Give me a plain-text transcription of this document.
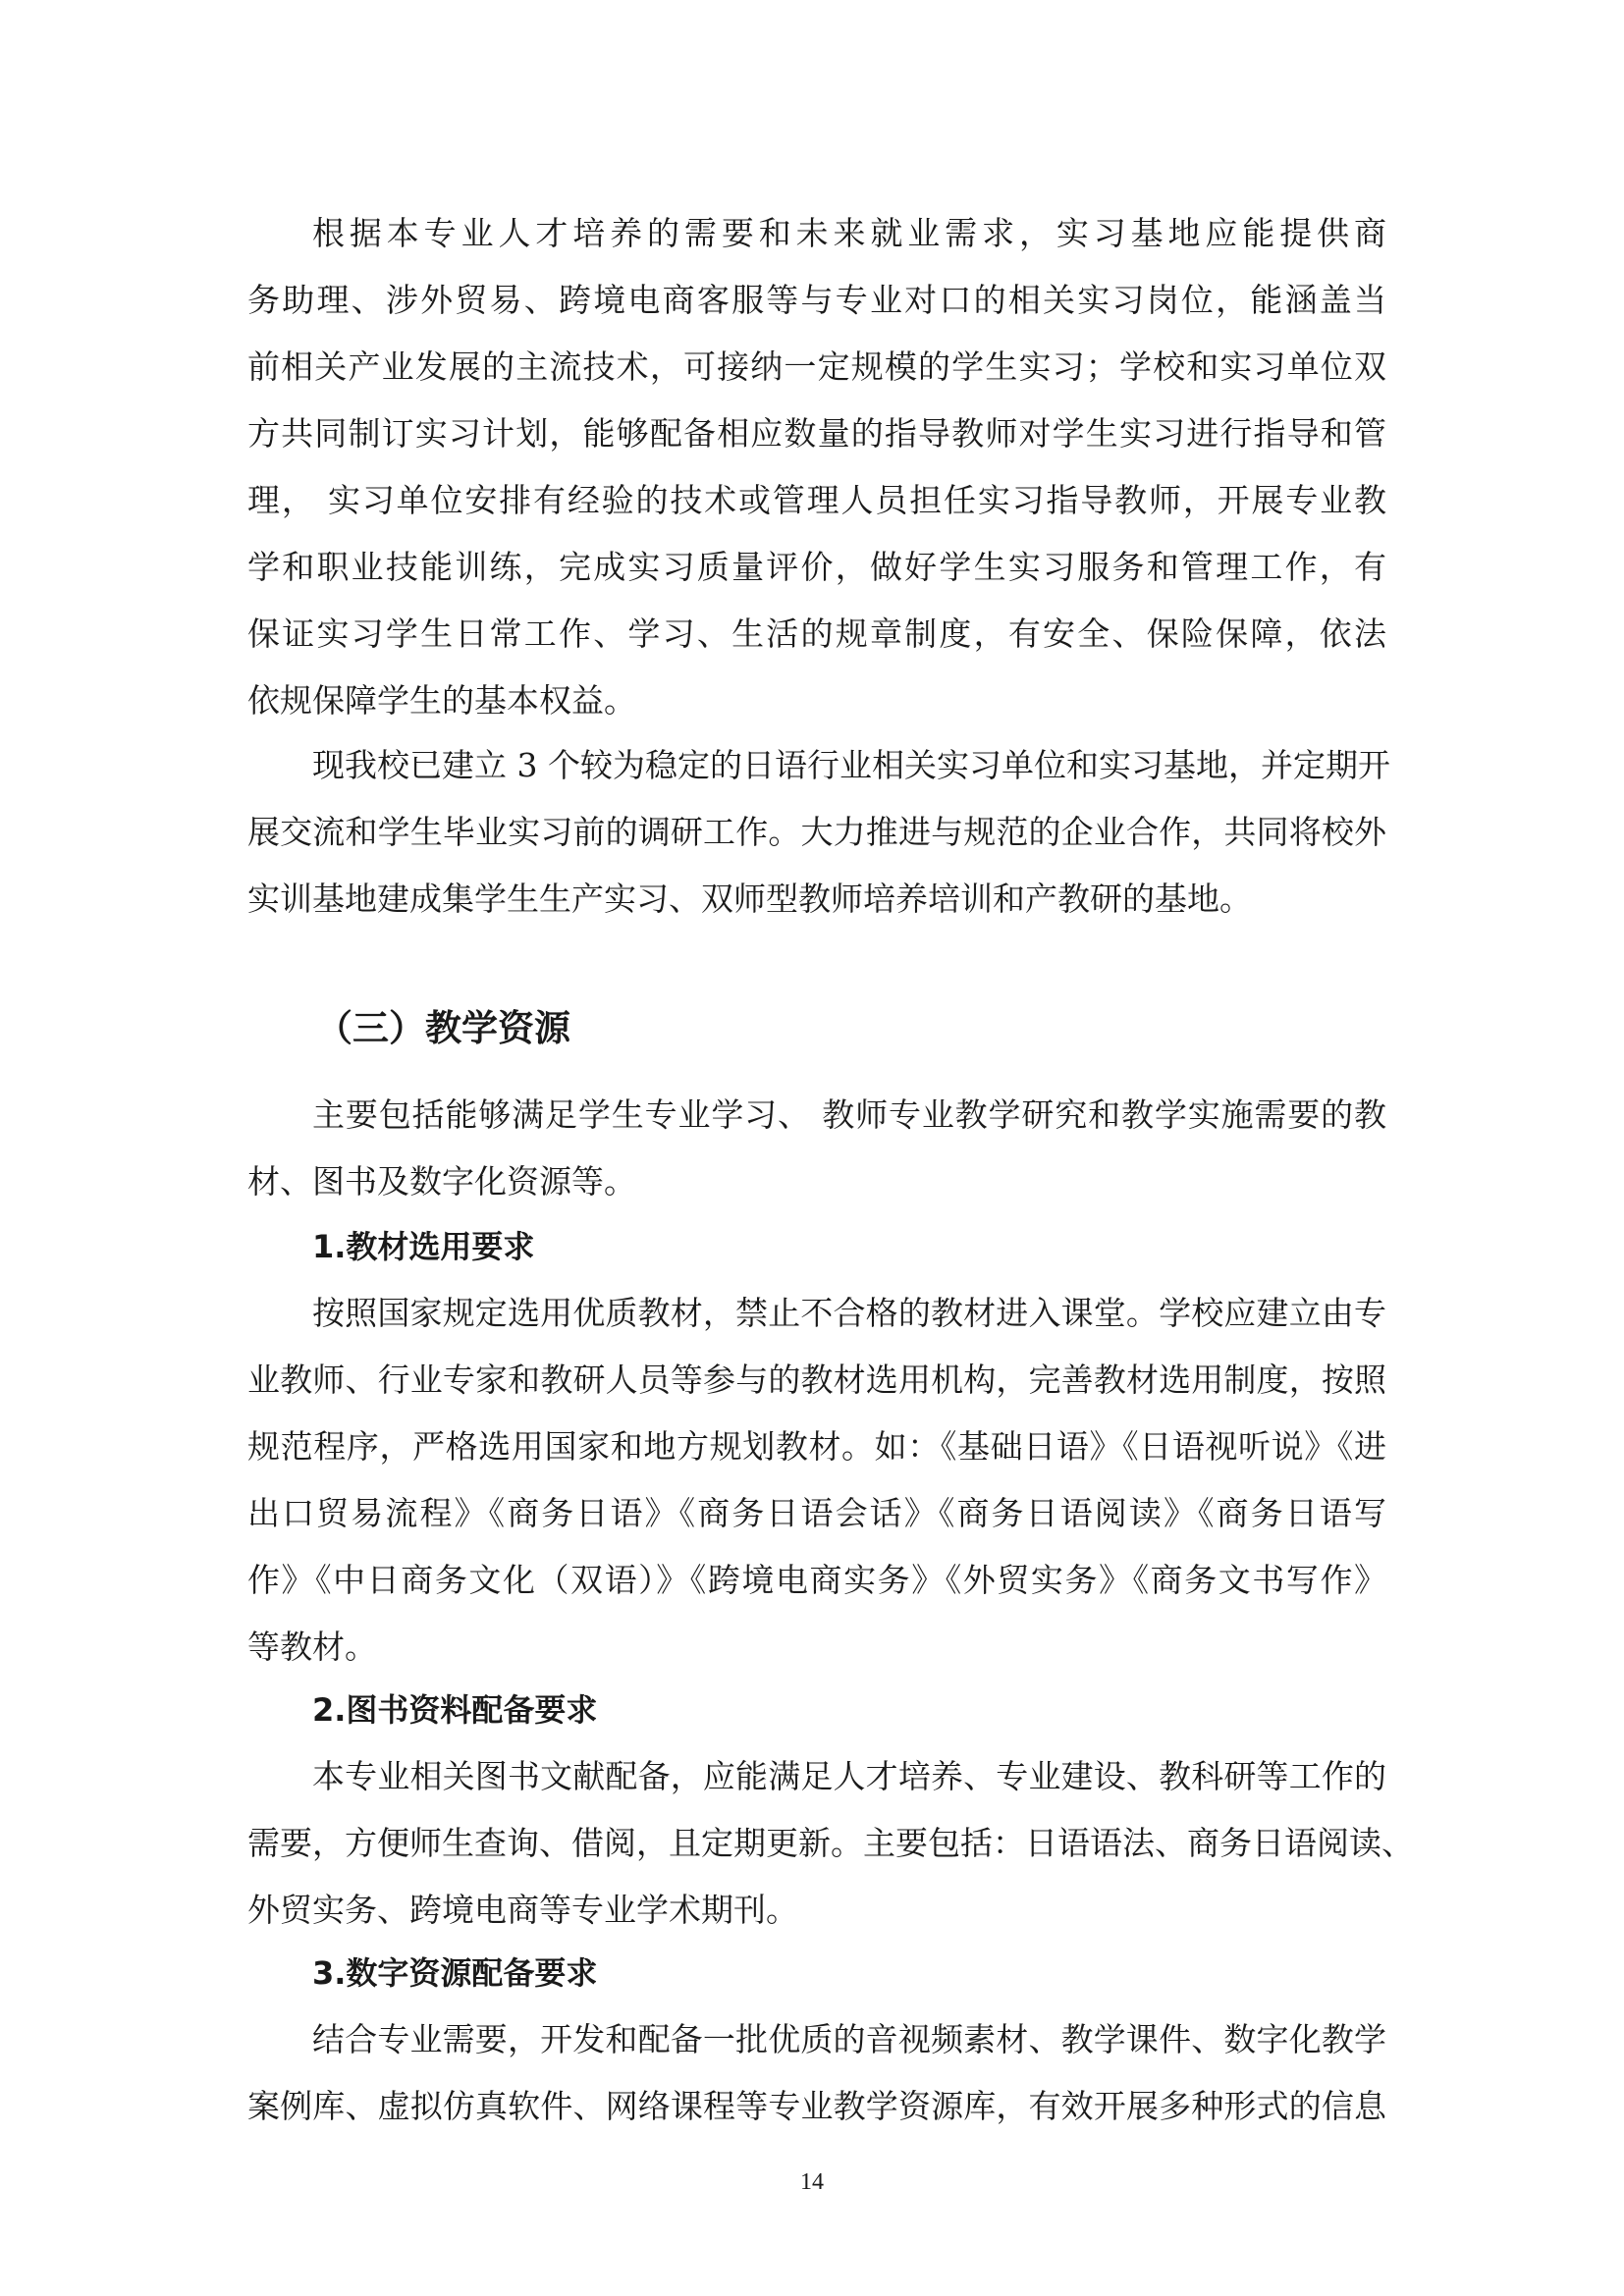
根据本专业人才培养的需要和未来就业需求，实习基地应能提供商
务助理、涉外贸易、跨境电商客服等与专业对口的相关实习岗位，能涵盖当
前相关产业发展的主流技术，可接纳一定规模的学生实习；学校和实习单位双
方共同制订实习计划，能够配备相应数量的指导教师对学生实习进行指导和管
理， 实习单位安排有经验的技术或管理人员担任实习指导教师，开展专业教
学和职业技能训练，完成实习质量评价，做好学生实习服务和管理工作，有
保证实习学生日常工作、学习、生活的规章制度，有安全、保险保障，依法
依规保障学生的基本权益。
现我校已建立 3 个较为稳定的日语行业相关实习单位和实习基地，并定期开
展交流和学生毕业实习前的调研工作。大力推进与规范的企业合作，共同将校外
实训基地建成集学生生产实习、双师型教师培养培训和产教研的基地。
（三）教学资源
主要包括能够满足学生专业学习、 教师专业教学研究和教学实施需要的教
材、图书及数字化资源等。
1.教材选用要求
按照国家规定选用优质教材，禁止不合格的教材进入课堂。学校应建立由专
业教师、行业专家和教研人员等参与的教材选用机构，完善教材选用制度，按照
规范程序，严格选用国家和地方规划教材。如：《基础日语》《日语视听说》《进
出口贸易流程》《商务日语》《商务日语会话》《商务日语阅读》《商务日语写
作》《中日商务文化（双语）》《跨境电商实务》《外贸实务》《商务文书写作》
等教材。
2.图书资料配备要求
本专业相关图书文献配备，应能满足人才培养、专业建设、教科研等工作的
需要，方便师生查询、借阅，且定期更新。主要包括：日语语法、商务日语阅读、
外贸实务、跨境电商等专业学术期刊。
3.数字资源配备要求
结合专业需要，开发和配备一批优质的音视频素材、教学课件、数字化教学
案例库、虚拟仿真软件、网络课程等专业教学资源库，有效开展多种形式的信息
14
